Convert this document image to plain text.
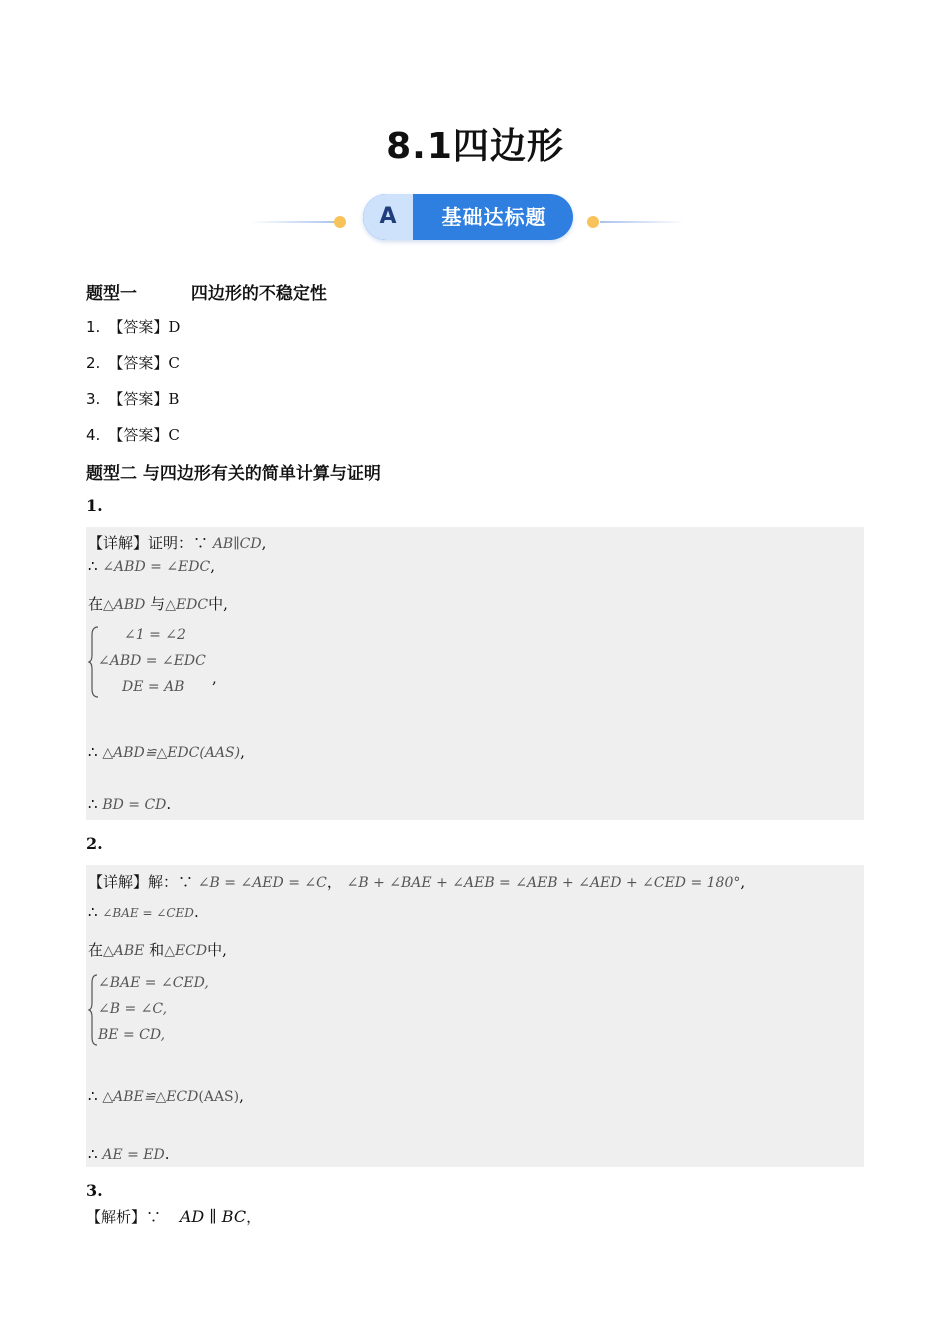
8.1四边形
A	基础达标题
题型一	四边形的不稳定性
1. 【答案】D
2. 【答案】C
3. 【答案】B
4. 【答案】C
题型二 与四边形有关的简单计算与证明
1.
【详解】证明：∵ AB∥CD,
∴ ∠ABD = ∠EDC,
在△ABD 与△EDC中,
∠1 = ∠2
∠ABD = ∠EDC
DE = AB ,
∴ △ABD≌△EDC(AAS),
∴ BD = CD.
2.
【详解】解：∵ ∠B = ∠AED = ∠C， ∠B + ∠BAE + ∠AEB = ∠AEB + ∠AED + ∠CED = 180°,
∴ ∠BAE = ∠CED.
在△ABE 和△ECD中,
∠BAE = ∠CED,
∠B = ∠C,
BE = CD,
∴ △ABE≌△ECD(AAS),
∴ AE = ED.
3.
【解析】∵ AD ∥ BC，
